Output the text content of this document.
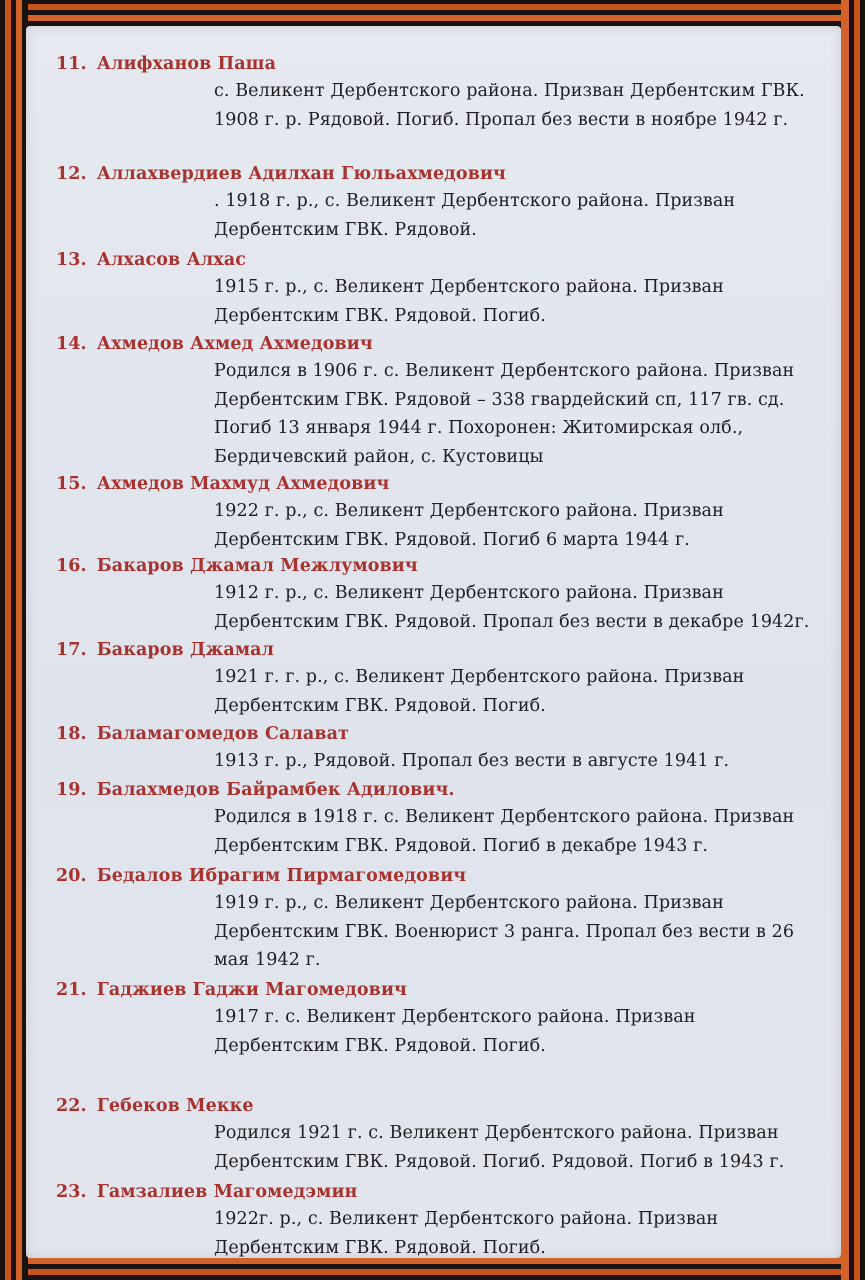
11. Алифханов Паша
с. Великент Дербентского района. Призван Дербентским ГВК.
1908 г. р. Рядовой. Погиб. Пропал без вести в ноябре 1942 г.
12. Аллахвердиев Адилхан Гюльахмедович
. 1918 г. р., с. Великент Дербентского района. Призван
Дербентским ГВК. Рядовой.
13. Алхасов Алхас
1915 г. р., с. Великент Дербентского района. Призван
Дербентским ГВК. Рядовой. Погиб.
14. Ахмедов Ахмед Ахмедович
Родился в 1906 г. с. Великент Дербентского района. Призван
Дербентским ГВК. Рядовой – 338 гвардейский сп, 117 гв. сд.
Погиб 13 января 1944 г. Похоронен: Житомирская олб.,
Бердичевский район, с. Кустовицы
15. Ахмедов Махмуд Ахмедович
1922 г. р., с. Великент Дербентского района. Призван
Дербентским ГВК. Рядовой. Погиб 6 марта 1944 г.
16. Бакаров Джамал Межлумович
1912 г. р., с. Великент Дербентского района. Призван
Дербентским ГВК. Рядовой. Пропал без вести в декабре 1942г.
17. Бакаров Джамал
1921 г. г. р., с. Великент Дербентского района. Призван
Дербентским ГВК. Рядовой. Погиб.
18. Баламагомедов Салават
1913 г. р., Рядовой. Пропал без вести в августе 1941 г.
19. Балахмедов Байрамбек Адилович.
Родился в 1918 г. с. Великент Дербентского района. Призван
Дербентским ГВК. Рядовой. Погиб в декабре 1943 г.
20. Бедалов Ибрагим Пирмагомедович
1919 г. р., с. Великент Дербентского района. Призван
Дербентским ГВК. Военюрист 3 ранга. Пропал без вести в 26
мая 1942 г.
21. Гаджиев Гаджи Магомедович
1917 г. с. Великент Дербентского района. Призван
Дербентским ГВК. Рядовой. Погиб.
22. Гебеков Мекке
Родился 1921 г. с. Великент Дербентского района. Призван
Дербентским ГВК. Рядовой. Погиб. Рядовой. Погиб в 1943 г.
23. Гамзалиев Магомедэмин
1922г. р., с. Великент Дербентского района. Призван
Дербентским ГВК. Рядовой. Погиб.
